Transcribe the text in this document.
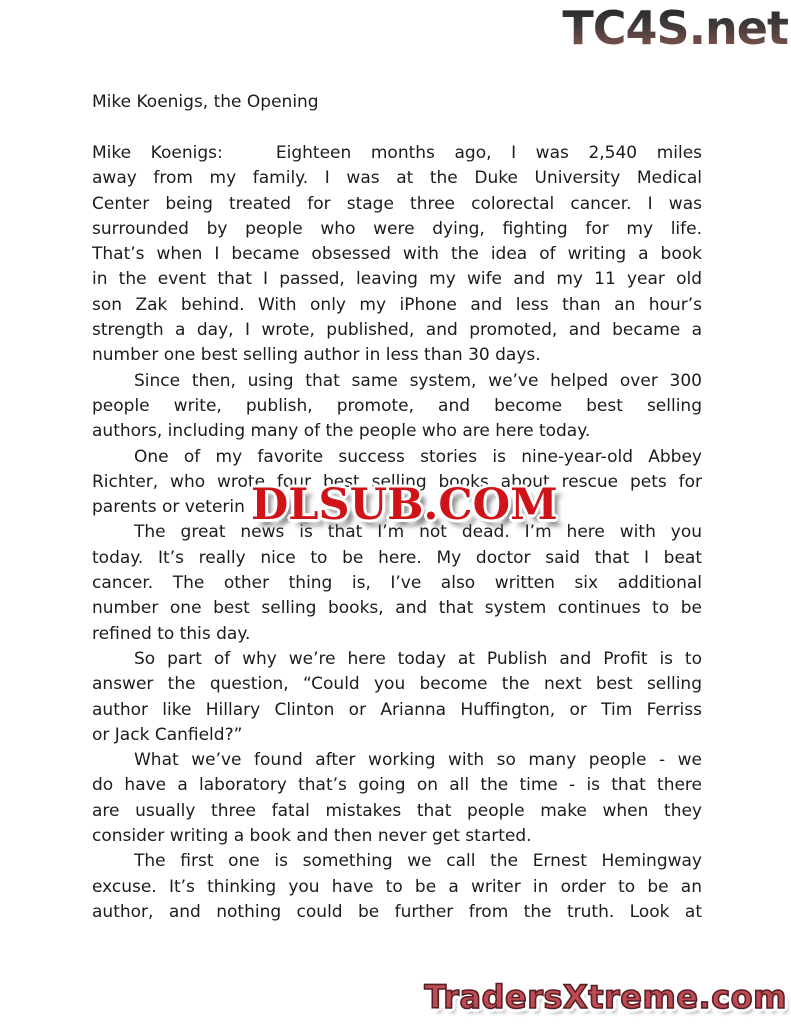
TC4S.net
Mike Koenigs, the Opening
Mike Koenigs:	Eighteen months ago, I was 2,540 miles
away from my family. I was at the Duke University Medical
Center being treated for stage three colorectal cancer. I was
surrounded by people who were dying, fighting for my life.
That’s when I became obsessed with the idea of writing a book
in the event that I passed, leaving my wife and my 11 year old
son Zak behind. With only my iPhone and less than an hour’s
strength a day, I wrote, published, and promoted, and became a
number one best selling author in less than 30 days.
Since then, using that same system, we’ve helped over 300
people write, publish, promote, and become best selling
authors, including many of the people who are here today.
One of my favorite success stories is nine-year-old Abbey
Richter, who wrote four best selling books about rescue pets for
parents or veterin
The great news is that I’m not dead. I’m here with you
today. It’s really nice to be here. My doctor said that I beat
cancer. The other thing is, I’ve also written six additional
number one best selling books, and that system continues to be
refined to this day.
So part of why we’re here today at Publish and Profit is to
answer the question, “Could you become the next best selling
author like Hillary Clinton or Arianna Huffington, or Tim Ferriss
or Jack Canfield?”
What we’ve found after working with so many people - we
do have a laboratory that’s going on all the time - is that there
are usually three fatal mistakes that people make when they
consider writing a book and then never get started.
The first one is something we call the Ernest Hemingway
excuse. It’s thinking you have to be a writer in order to be an
author, and nothing could be further from the truth. Look at
DLSUB.COM
TradersXtreme.com
